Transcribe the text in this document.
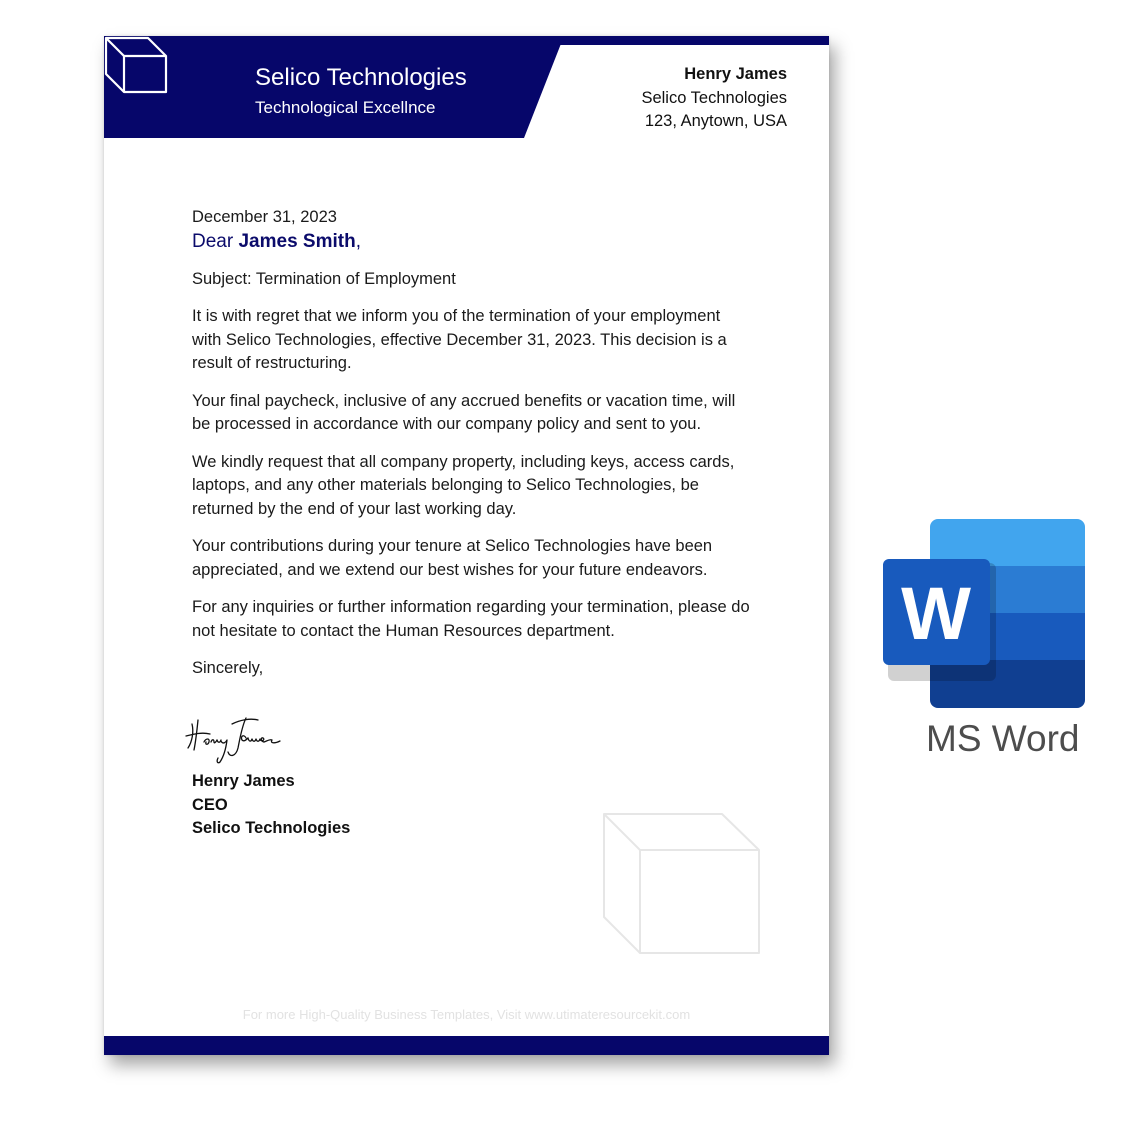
Selico Technologies
Technological Excellnce
Henry James
Selico Technologies
123, Anytown, USA

December 31, 2023

Dear James Smith,

Subject: Termination of Employment

It is with regret that we inform you of the termination of your employment with Selico Technologies, effective December 31, 2023. This decision is a result of restructuring.

Your final paycheck, inclusive of any accrued benefits or vacation time, will be processed in accordance with our company policy and sent to you.

We kindly request that all company property, including keys, access cards, laptops, and any other materials belonging to Selico Technologies, be returned by the end of your last working day.

Your contributions during your tenure at Selico Technologies have been appreciated, and we extend our best wishes for your future endeavors.

For any inquiries or further information regarding your termination, please do not hesitate to contact the Human Resources department.

Sincerely,

Henry James
CEO
Selico Technologies
For more High-Quality Business Templates, Visit www.utimateresourcekit.com
W
MS Word
